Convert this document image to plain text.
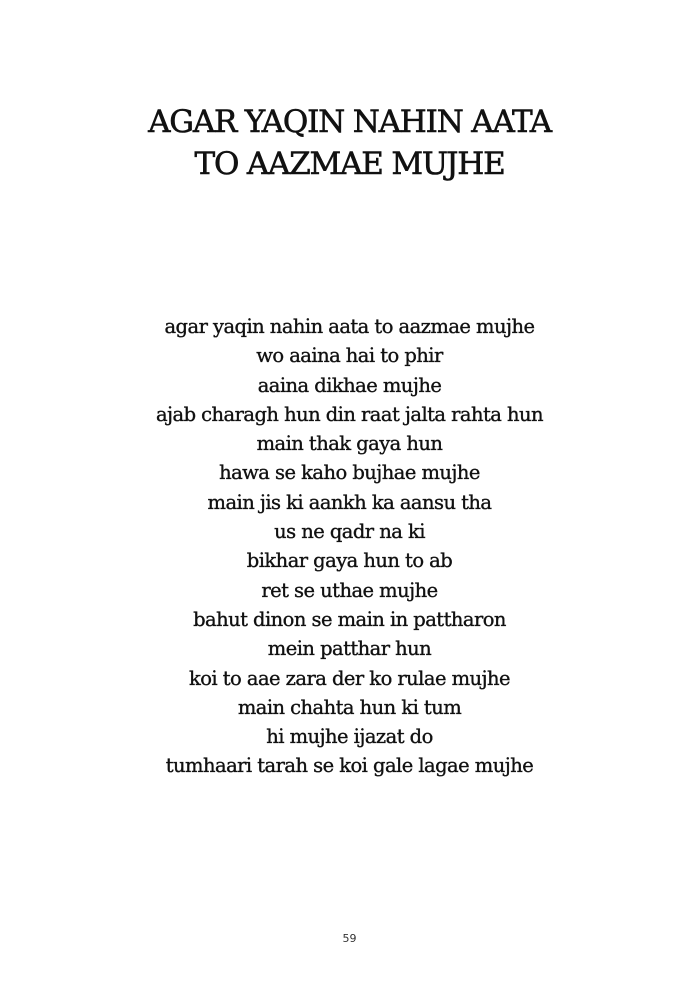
AGAR YAQIN NAHIN AATA
TO AAZMAE MUJHE
agar yaqin nahin aata to aazmae mujhe
wo aaina hai to phir
aaina dikhae mujhe
ajab charagh hun din raat jalta rahta hun
main thak gaya hun
hawa se kaho bujhae mujhe
main jis ki aankh ka aansu tha
us ne qadr na ki
bikhar gaya hun to ab
ret se uthae mujhe
bahut dinon se main in pattharon
mein patthar hun
koi to aae zara der ko rulae mujhe
main chahta hun ki tum
hi mujhe ijazat do
tumhaari tarah se koi gale lagae mujhe
59
